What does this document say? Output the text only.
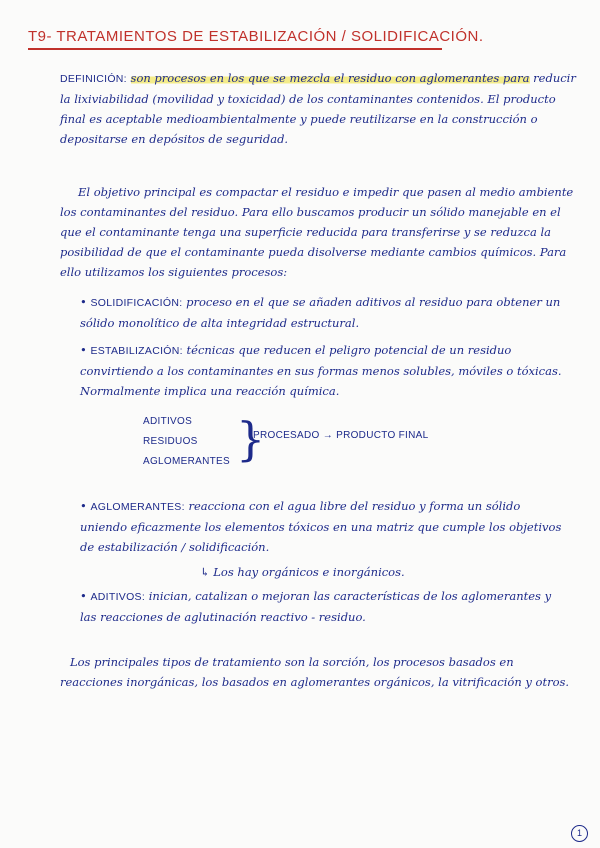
T9- TRATAMIENTOS DE ESTABILIZACIÓN / SOLIDIFICACIÓN.
DEFINICIÓN: son procesos en los que se mezcla el residuo con aglomerantes para reducir la lixiviabilidad (movilidad y toxicidad) de los contaminantes contenidos. El producto final es aceptable medioambientalmente y puede reutilizarse en la construcción o depositarse en depósitos de seguridad.
El objetivo principal es compactar el residuo e impedir que pasen al medio ambiente los contaminantes del residuo. Para ello buscamos producir un sólido manejable en el que el contaminante tenga una superficie reducida para transferirse y se reduzca la posibilidad de que el contaminante pueda disolverse mediante cambios químicos. Para ello utilizamos los siguientes procesos:
• SOLIDIFICACIÓN: proceso en el que se añaden aditivos al residuo para obtener un sólido monolítico de alta integridad estructural.
• ESTABILIZACIÓN: técnicas que reducen el peligro potencial de un residuo convirtiendo a los contaminantes en sus formas menos solubles, móviles o tóxicas. Normalmente implica una reacción química.
ADITIVOS
RESIDUOS
AGLOMERANTES }
PROCESADO → PRODUCTO FINAL
• AGLOMERANTES: reacciona con el agua libre del residuo y forma un sólido uniendo eficazmente los elementos tóxicos en una matriz que cumple los objetivos de estabilización / solidificación.
↳ Los hay orgánicos e inorgánicos.
• ADITIVOS: inician, catalizan o mejoran las características de los aglomerantes y las reacciones de aglutinación reactivo - residuo.
Los principales tipos de tratamiento son la sorción, los procesos basados en reacciones inorgánicas, los basados en aglomerantes orgánicos, la vitrificación y otros.
1
